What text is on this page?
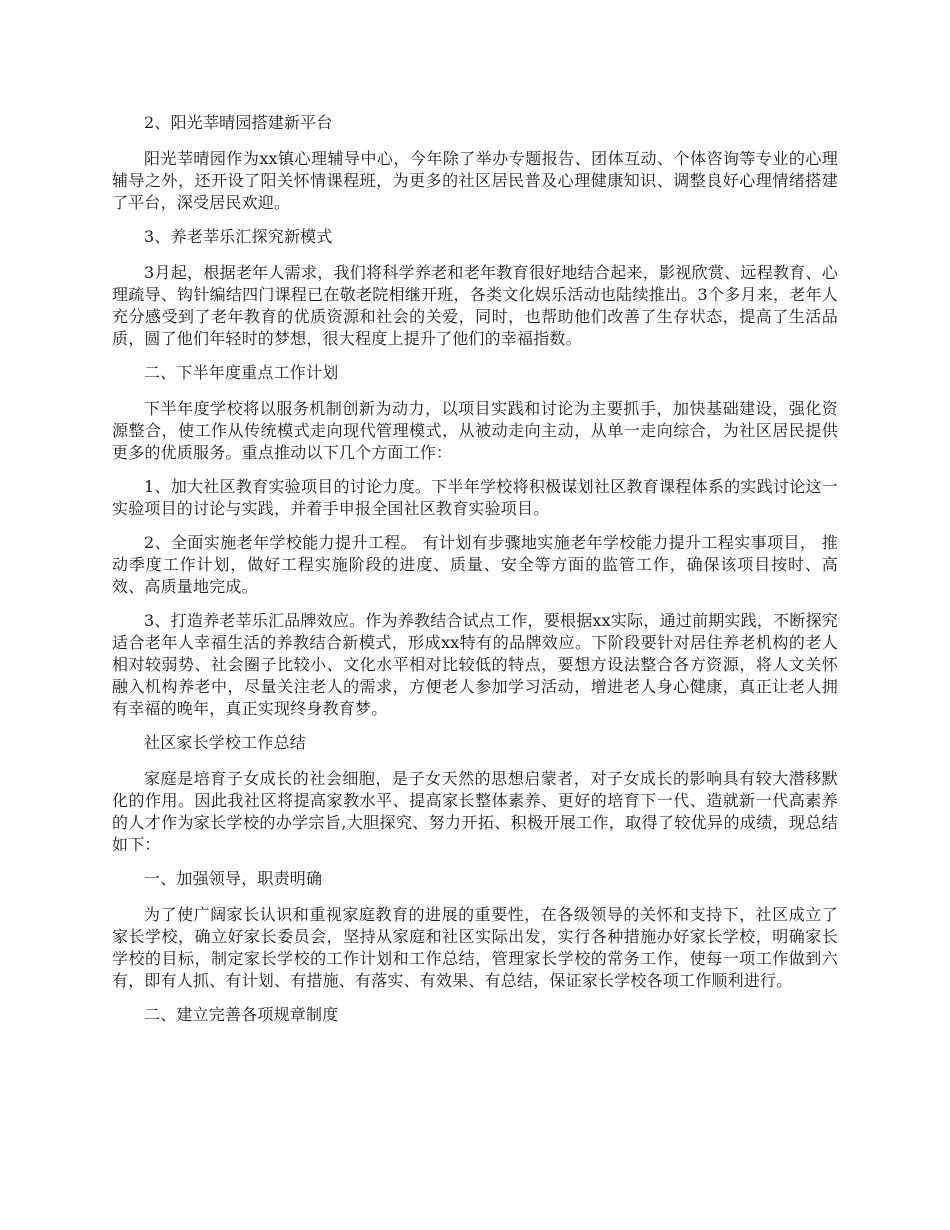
2、阳光莘晴园搭建新平台

阳光莘晴园作为xx镇心理辅导中心，今年除了举办专题报告、团体互动、个体咨询等专业的心理辅导之外，还开设了阳关怀情课程班，为更多的社区居民普及心理健康知识、调整良好心理情绪搭建了平台，深受居民欢迎。

3、养老莘乐汇探究新模式

3月起，根据老年人需求，我们将科学养老和老年教育很好地结合起来，影视欣赏、远程教育、心理疏导、钩针编结四门课程已在敬老院相继开班，各类文化娱乐活动也陆续推出。3个多月来，老年人充分感受到了老年教育的优质资源和社会的关爱，同时，也帮助他们改善了生存状态，提高了生活品质，圆了他们年轻时的梦想，很大程度上提升了他们的幸福指数。

二、下半年度重点工作计划

下半年度学校将以服务机制创新为动力，以项目实践和讨论为主要抓手，加快基础建设，强化资源整合，使工作从传统模式走向现代管理模式，从被动走向主动，从单一走向综合，为社区居民提供更多的优质服务。重点推动以下几个方面工作：

1、加大社区教育实验项目的讨论力度。下半年学校将积极谋划社区教育课程体系的实践讨论这一实验项目的讨论与实践，并着手申报全国社区教育实验项目。

2、全面实施老年学校能力提升工程。 有计划有步骤地实施老年学校能力提升工程实事项目， 推动季度工作计划，做好工程实施阶段的进度、质量、安全等方面的监管工作，确保该项目按时、高效、高质量地完成。

3、打造养老莘乐汇品牌效应。作为养教结合试点工作，要根据xx实际，通过前期实践，不断探究适合老年人幸福生活的养教结合新模式，形成xx特有的品牌效应。下阶段要针对居住养老机构的老人相对较弱势、社会圈子比较小、文化水平相对比较低的特点，要想方设法整合各方资源，将人文关怀融入机构养老中，尽量关注老人的需求，方便老人参加学习活动，增进老人身心健康，真正让老人拥有幸福的晚年，真正实现终身教育梦。

社区家长学校工作总结

家庭是培育子女成长的社会细胞，是子女天然的思想启蒙者，对子女成长的影响具有较大潜移默化的作用。因此我社区将提高家教水平、提高家长整体素养、更好的培育下一代、造就新一代高素养的人才作为家长学校的办学宗旨,大胆探究、努力开拓、积极开展工作，取得了较优异的成绩，现总结如下：

一、加强领导，职责明确

为了使广阔家长认识和重视家庭教育的进展的重要性，在各级领导的关怀和支持下，社区成立了家长学校，确立好家长委员会，坚持从家庭和社区实际出发，实行各种措施办好家长学校，明确家长学校的目标，制定家长学校的工作计划和工作总结，管理家长学校的常务工作，使每一项工作做到六有，即有人抓、有计划、有措施、有落实、有效果、有总结，保证家长学校各项工作顺利进行。

二、建立完善各项规章制度
